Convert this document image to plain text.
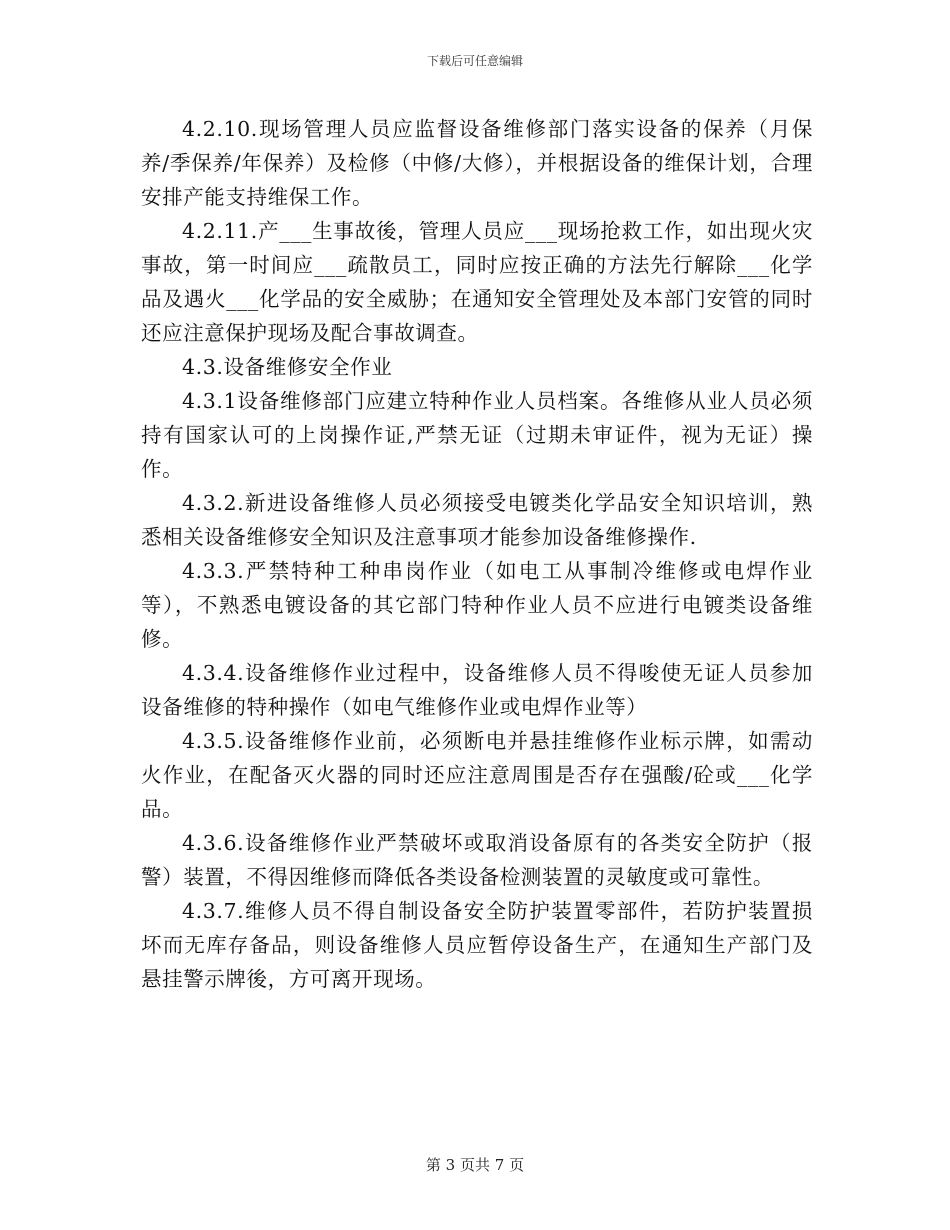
下载后可任意编辑

4.2.10.现场管理人员应监督设备维修部门落实设备的保养（月保养/季保养/年保养）及检修（中修/大修），并根据设备的维保计划，合理安排产能支持维保工作。

4.2.11.产___生事故後，管理人员应___现场抢救工作，如出现火灾事故，第一时间应___疏散员工，同时应按正确的方法先行解除___化学品及遇火___化学品的安全威胁；在通知安全管理处及本部门安管的同时还应注意保护现场及配合事故调查。

4.3.设备维修安全作业

4.3.1设备维修部门应建立特种作业人员档案。各维修从业人员必须持有国家认可的上岗操作证,严禁无证（过期未审证件，视为无证）操作。

4.3.2.新进设备维修人员必须接受电镀类化学品安全知识培训，熟悉相关设备维修安全知识及注意事项才能参加设备维修操作.

4.3.3.严禁特种工种串岗作业（如电工从事制冷维修或电焊作业等），不熟悉电镀设备的其它部门特种作业人员不应进行电镀类设备维修。

4.3.4.设备维修作业过程中，设备维修人员不得唆使无证人员参加设备维修的特种操作（如电气维修作业或电焊作业等）

4.3.5.设备维修作业前，必须断电并悬挂维修作业标示牌，如需动火作业，在配备灭火器的同时还应注意周围是否存在强酸/砼或___化学品。

4.3.6.设备维修作业严禁破坏或取消设备原有的各类安全防护（报警）装置，不得因维修而降低各类设备检测装置的灵敏度或可靠性。

4.3.7.维修人员不得自制设备安全防护装置零部件，若防护装置损坏而无库存备品，则设备维修人员应暂停设备生产，在通知生产部门及悬挂警示牌後，方可离开现场。

第 3 页共 7 页
